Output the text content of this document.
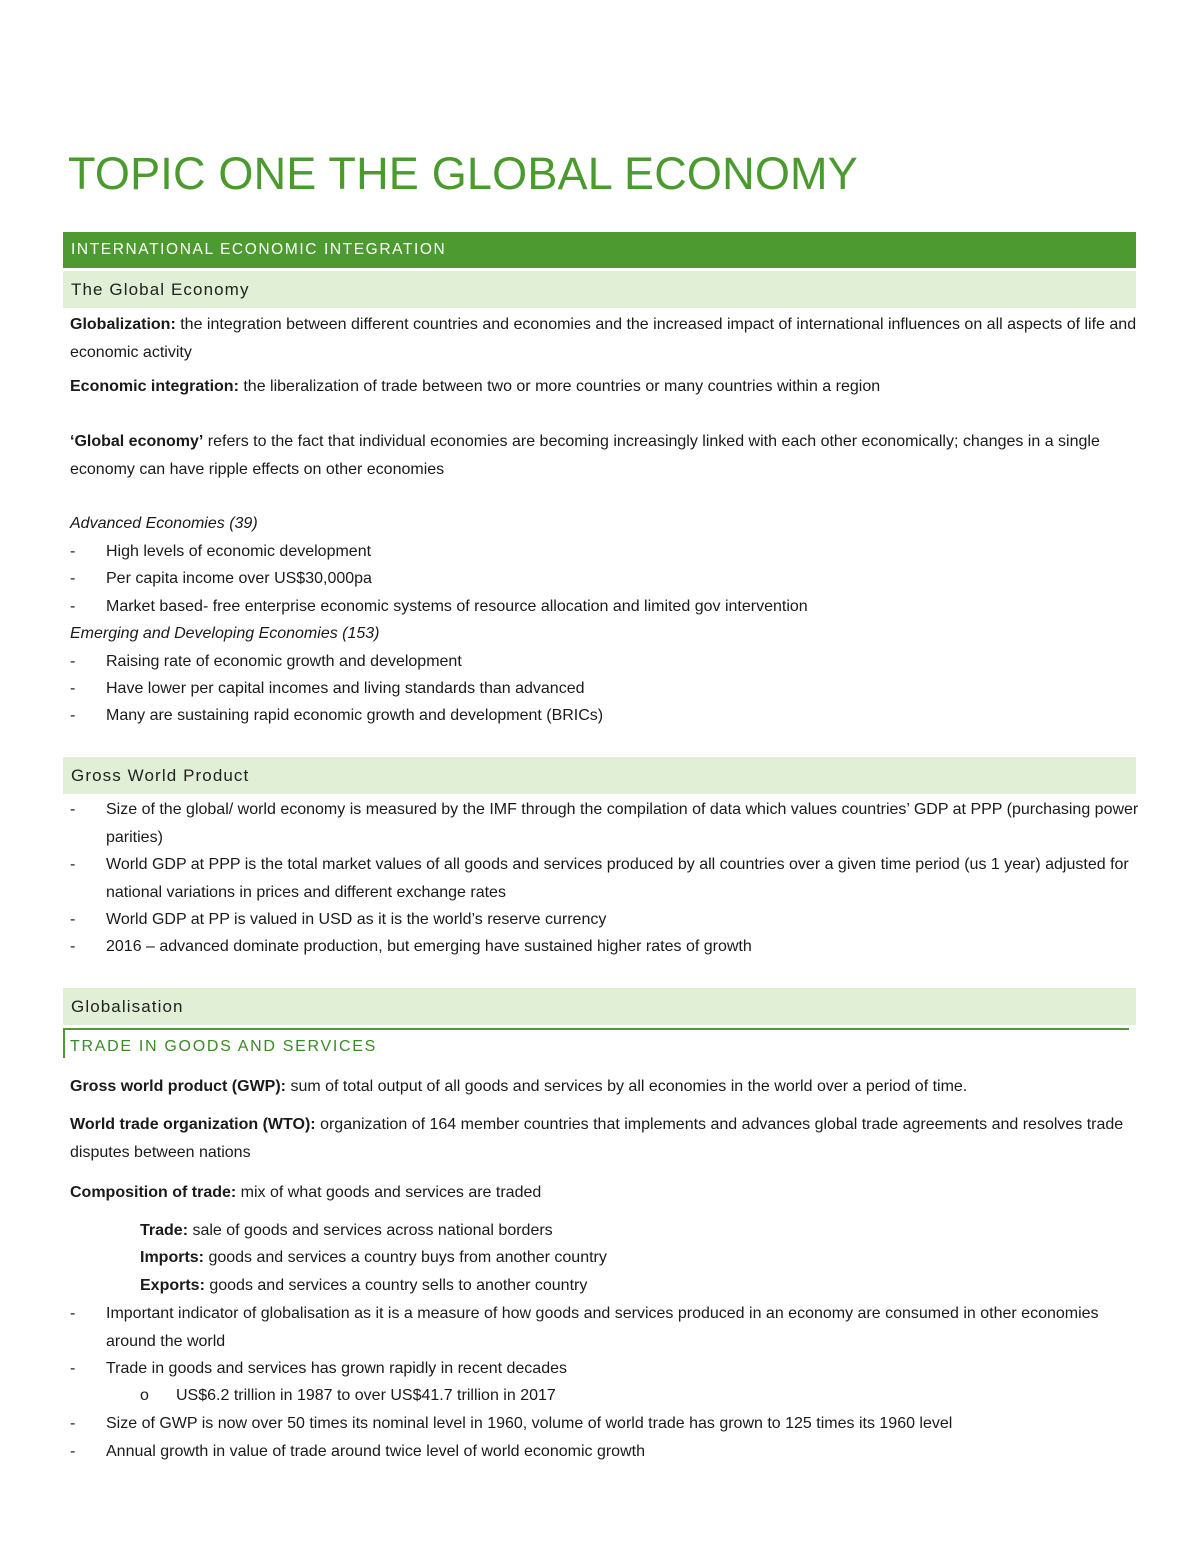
TOPIC ONE THE GLOBAL ECONOMY
INTERNATIONAL ECONOMIC INTEGRATION
The Global Economy
Globalization: the integration between different countries and economies and the increased impact of international influences on all aspects of life and economic activity
Economic integration: the liberalization of trade between two or more countries or many countries within a region
‘Global economy’ refers to the fact that individual economies are becoming increasingly linked with each other economically; changes in a single economy can have ripple effects on other economies
Advanced Economies (39)
- High levels of economic development
- Per capita income over US$30,000pa
- Market based- free enterprise economic systems of resource allocation and limited gov intervention
Emerging and Developing Economies (153)
- Raising rate of economic growth and development
- Have lower per capital incomes and living standards than advanced
- Many are sustaining rapid economic growth and development (BRICs)
Gross World Product
- Size of the global/ world economy is measured by the IMF through the compilation of data which values countries’ GDP at PPP (purchasing power parities)
- World GDP at PPP is the total market values of all goods and services produced by all countries over a given time period (us 1 year) adjusted for national variations in prices and different exchange rates
- World GDP at PP is valued in USD as it is the world’s reserve currency
- 2016 – advanced dominate production, but emerging have sustained higher rates of growth
Globalisation
TRADE IN GOODS AND SERVICES
Gross world product (GWP): sum of total output of all goods and services by all economies in the world over a period of time.
World trade organization (WTO): organization of 164 member countries that implements and advances global trade agreements and resolves trade disputes between nations
Composition of trade: mix of what goods and services are traded
Trade: sale of goods and services across national borders
Imports: goods and services a country buys from another country
Exports: goods and services a country sells to another country
- Important indicator of globalisation as it is a measure of how goods and services produced in an economy are consumed in other economies around the world
- Trade in goods and services has grown rapidly in recent decades
o US$6.2 trillion in 1987 to over US$41.7 trillion in 2017
- Size of GWP is now over 50 times its nominal level in 1960, volume of world trade has grown to 125 times its 1960 level
- Annual growth in value of trade around twice level of world economic growth
